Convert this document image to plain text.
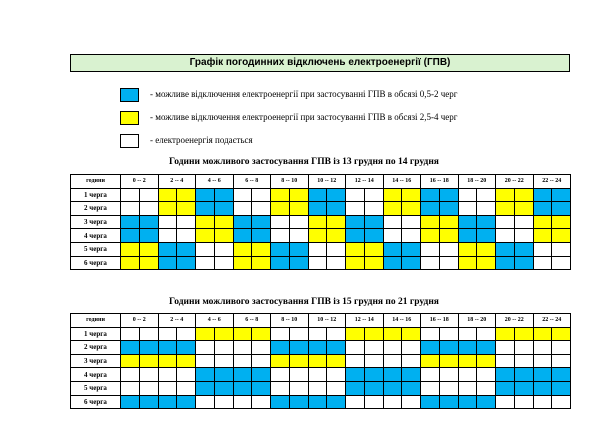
Графік погодинних відключень електроенергії (ГПВ)
- можливе відключення електроенергії при застосуванні ГПВ в обсязі 0,5-2 черг
- можливе відключення електроенергії при застосуванні ГПВ в обсязі 2,5-4 черг
- електроенергія подається
Години можливого застосування ГПВ із 13 грудня по 14 грудня
години	0 -- 2		2 -- 4		4 -- 6		6 -- 8		8 -- 10		10 -- 12		12 -- 14		14 -- 16		16 -- 18		18 -- 20		20 -- 22		22 -- 24	
1 черга																								
2 черга																								
3 черга																								
4 черга																								
5 черга																								
6 черга																								
Години можливого застосування ГПВ із 15 грудня по 21 грудня
години	0 -- 2		2 -- 4		4 -- 6		6 -- 8		8 -- 10		10 -- 12		12 -- 14		14 -- 16		16 -- 18		18 -- 20		20 -- 22		22 -- 24	
1 черга																								
2 черга																								
3 черга																								
4 черга																								
5 черга																								
6 черга																								
